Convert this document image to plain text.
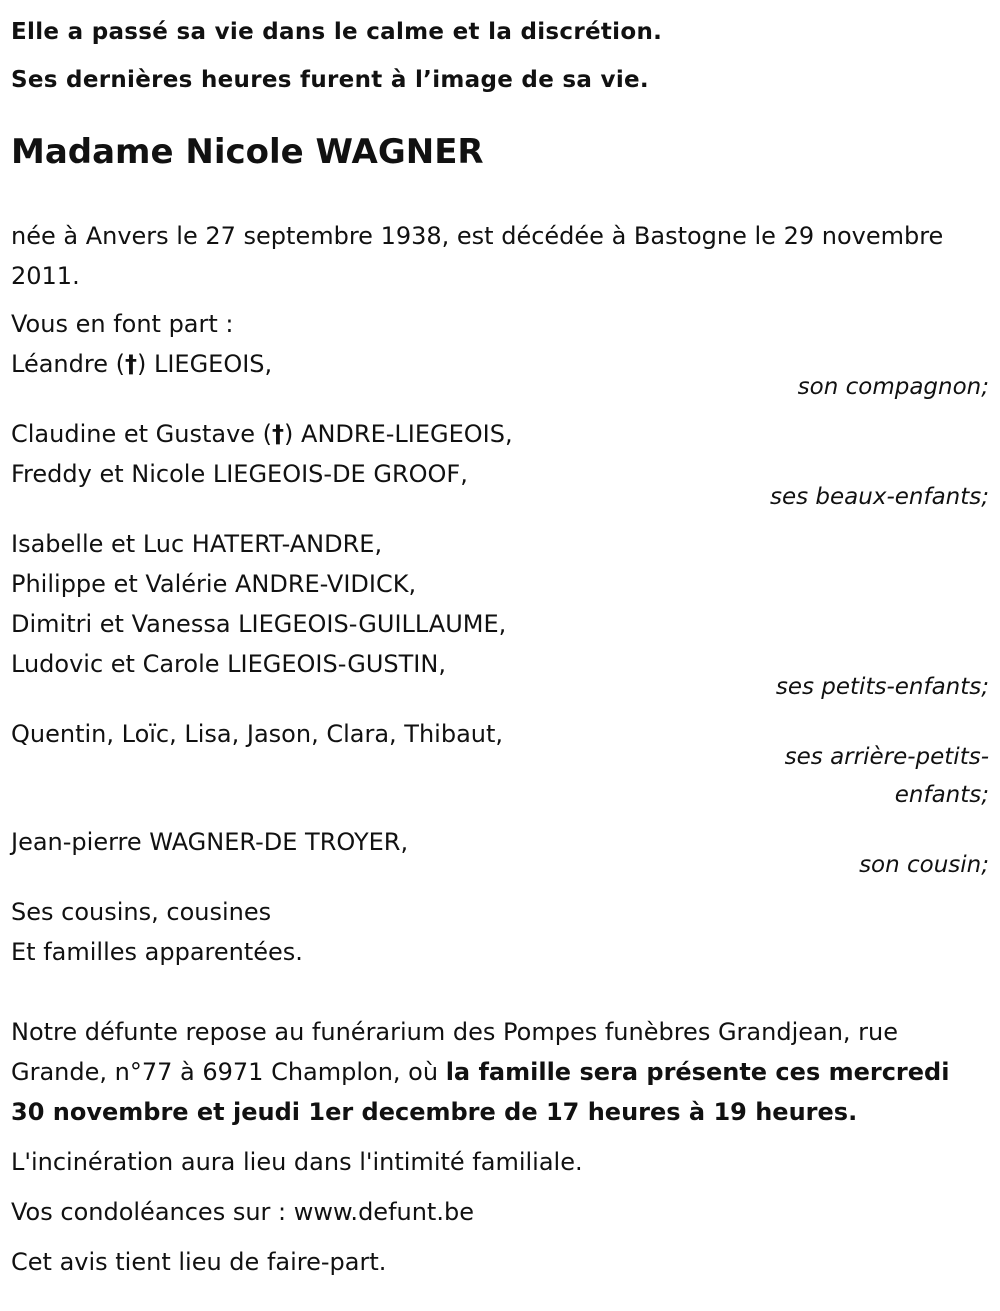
Elle a passé sa vie dans le calme et la discrétion.

Ses dernières heures furent à l’image de sa vie.

Madame Nicole WAGNER

née à Anvers le 27 septembre 1938, est décédée à Bastogne le 29 novembre 2011.

Vous en font part :
Léandre (†) LIEGEOIS,
son compagnon;
Claudine et Gustave (†) ANDRE-LIEGEOIS,
Freddy et Nicole LIEGEOIS-DE GROOF,
ses beaux-enfants;
Isabelle et Luc HATERT-ANDRE,
Philippe et Valérie ANDRE-VIDICK,
Dimitri et Vanessa LIEGEOIS-GUILLAUME,
Ludovic et Carole LIEGEOIS-GUSTIN,
ses petits-enfants;
Quentin, Loïc, Lisa, Jason, Clara, Thibaut,
ses arrière-petits-enfants;
Jean-pierre WAGNER-DE TROYER,
son cousin;
Ses cousins, cousines
Et familles apparentées.

Notre défunte repose au funérarium des Pompes funèbres Grandjean, rue Grande, n°77 à 6971 Champlon, où la famille sera présente ces mercredi 30 novembre et jeudi 1er decembre de 17 heures à 19 heures.

L'incinération aura lieu dans l'intimité familiale.

Vos condoléances sur : www.defunt.be

Cet avis tient lieu de faire-part.
